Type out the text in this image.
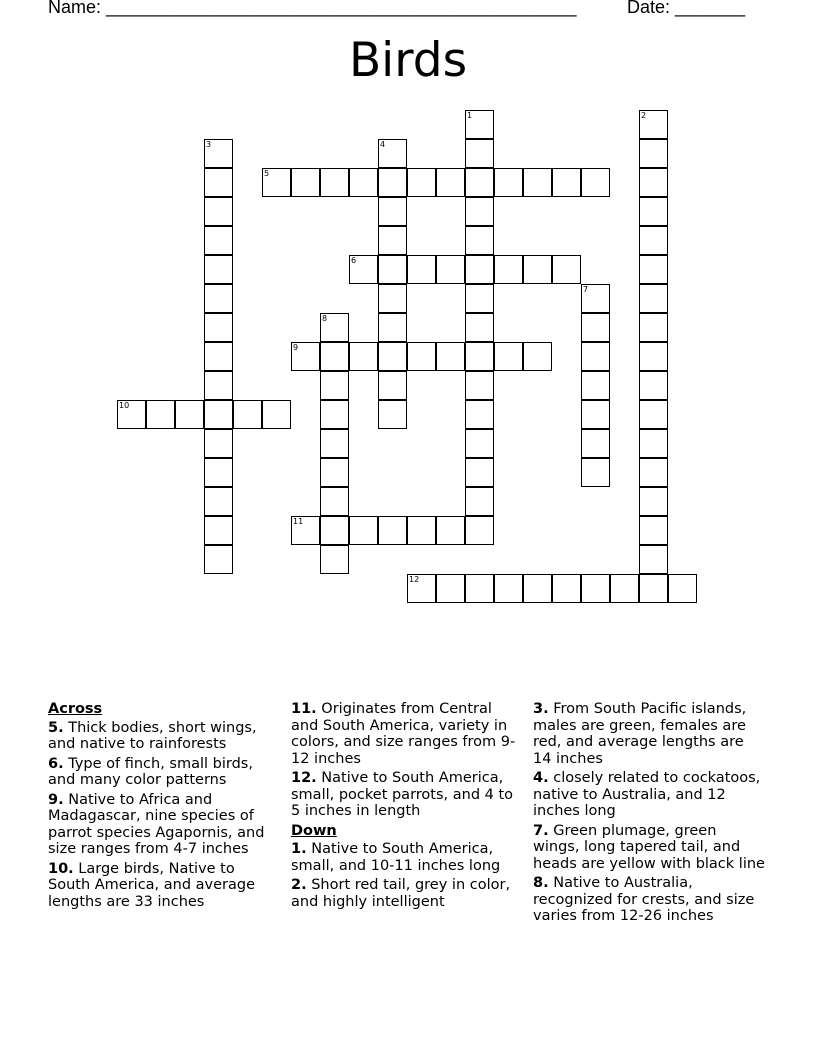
Name: _______________________________________________	Date: _______
Birds
1	2
3	4
5
6
7
8
9
10
11
12
Across
5. Thick bodies, short wings, and native to rainforests
6. Type of finch, small birds, and many color patterns
9. Native to Africa and Madagascar, nine species of parrot species Agapornis, and size ranges from 4-7 inches
10. Large birds, Native to South America, and average lengths are 33 inches
11. Originates from Central and South America, variety in colors, and size ranges from 9-12 inches
12. Native to South America, small, pocket parrots, and 4 to 5 inches in length
Down
1. Native to South America, small, and 10-11 inches long
2. Short red tail, grey in color, and highly intelligent
3. From South Pacific islands, males are green, females are red, and average lengths are 14 inches
4. closely related to cockatoos, native to Australia, and 12 inches long
7. Green plumage, green wings, long tapered tail, and heads are yellow with black line
8. Native to Australia, recognized for crests, and size varies from 12-26 inches
